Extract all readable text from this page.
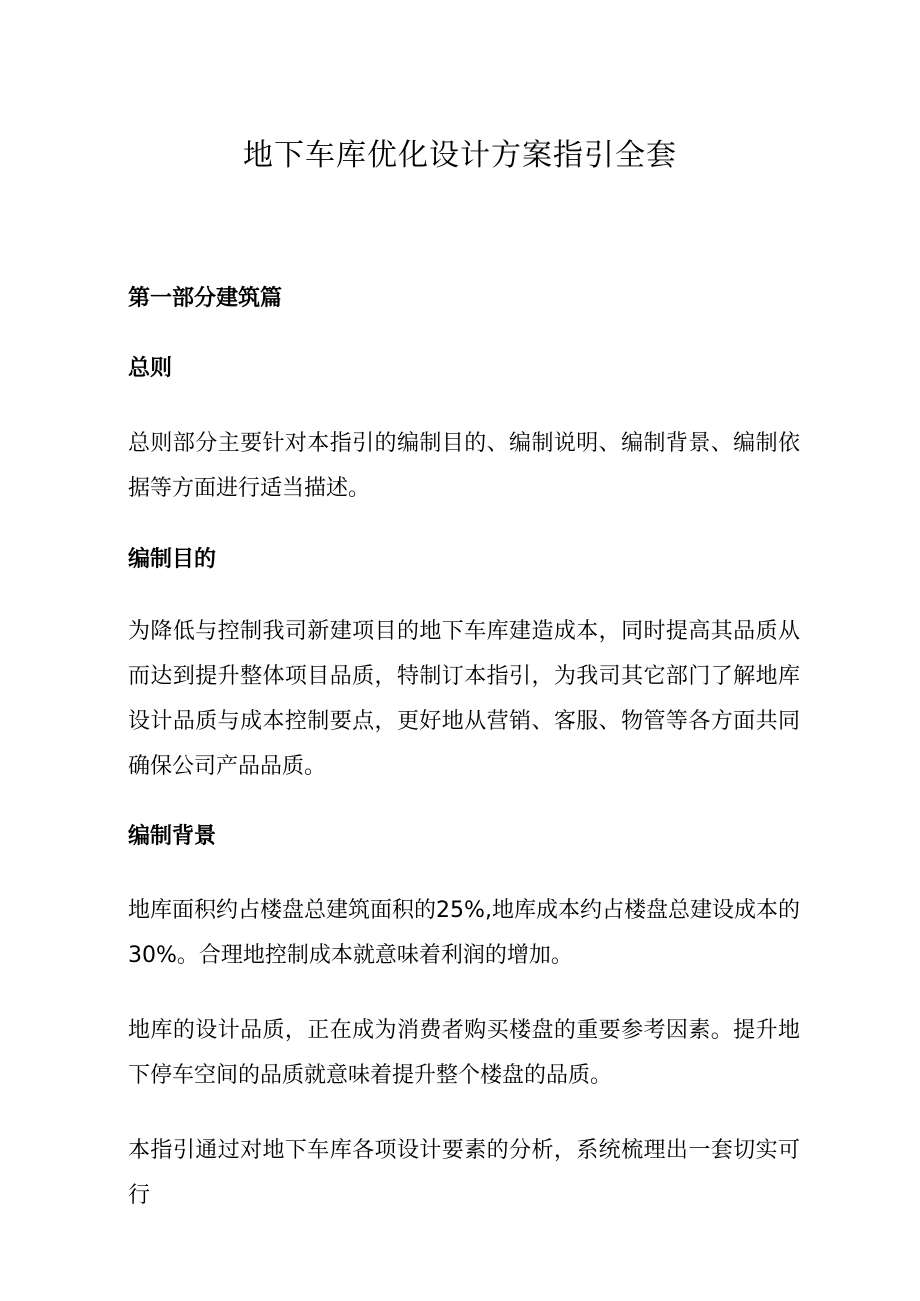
地下车库优化设计方案指引全套
第一部分建筑篇
总则

总则部分主要针对本指引的编制目的、编制说明、编制背景、编制依据等方面进行适当描述。

编制目的

为降低与控制我司新建项目的地下车库建造成本，同时提高其品质从而达到提升整体项目品质，特制订本指引，为我司其它部门了解地库设计品质与成本控制要点，更好地从营销、客服、物管等各方面共同确保公司产品品质。

编制背景

地库面积约占楼盘总建筑面积的25%,地库成本约占楼盘总建设成本的30%。合理地控制成本就意味着利润的增加。

地库的设计品质，正在成为消费者购买楼盘的重要参考因素。提升地下停车空间的品质就意味着提升整个楼盘的品质。

本指引通过对地下车库各项设计要素的分析，系统梳理出一套切实可行
